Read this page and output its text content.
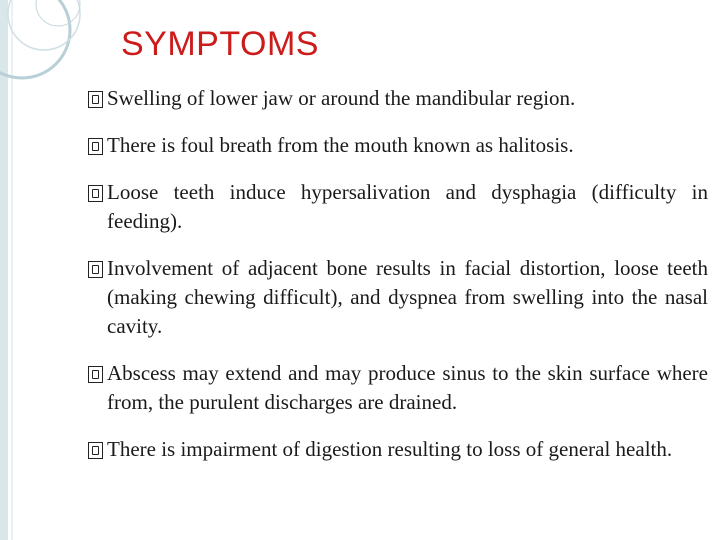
SYMPTOMS
Swelling of lower jaw or around the mandibular region.
There is foul breath from the mouth known as halitosis.
Loose teeth induce hypersalivation and dysphagia (difficulty in feeding).
Involvement of adjacent bone results in facial distortion, loose teeth (making chewing difficult), and dyspnea from swelling into the nasal cavity.
Abscess may extend and may produce sinus to the skin surface where from, the purulent discharges are drained.
There is impairment of digestion resulting to loss of general health.
